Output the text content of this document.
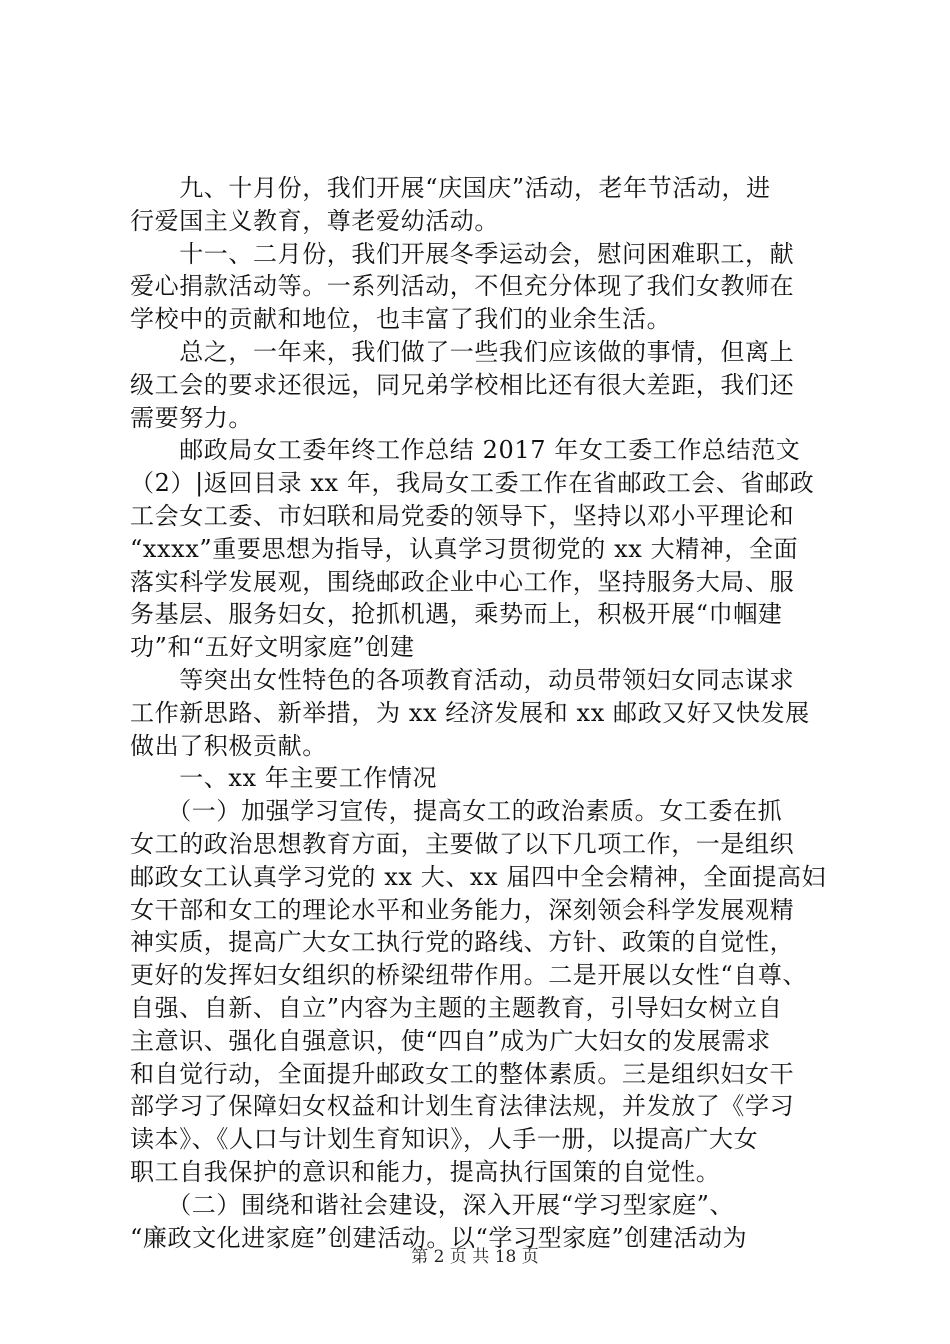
　　九、十月份，我们开展“庆国庆”活动，老年节活动，进
行爱国主义教育，尊老爱幼活动。
　　十一、二月份，我们开展冬季运动会，慰问困难职工，献
爱心捐款活动等。一系列活动，不但充分体现了我们女教师在
学校中的贡献和地位，也丰富了我们的业余生活。
　　总之，一年来，我们做了一些我们应该做的事情，但离上
级工会的要求还很远，同兄弟学校相比还有很大差距，我们还
需要努力。
　　邮政局女工委年终工作总结 2017 年女工委工作总结范文
（2）|返回目录 xx 年，我局女工委工作在省邮政工会、省邮政
工会女工委、市妇联和局党委的领导下，坚持以邓小平理论和
“xxxx”重要思想为指导，认真学习贯彻党的 xx 大精神，全面
落实科学发展观，围绕邮政企业中心工作，坚持服务大局、服
务基层、服务妇女，抢抓机遇，乘势而上，积极开展“巾帼建
功”和“五好文明家庭”创建
　　等突出女性特色的各项教育活动，动员带领妇女同志谋求
工作新思路、新举措，为 xx 经济发展和 xx 邮政又好又快发展
做出了积极贡献。
　　一、xx 年主要工作情况
　　（一）加强学习宣传，提高女工的政治素质。女工委在抓
女工的政治思想教育方面，主要做了以下几项工作，一是组织
邮政女工认真学习党的 xx 大、xx 届四中全会精神，全面提高妇
女干部和女工的理论水平和业务能力，深刻领会科学发展观精
神实质，提高广大女工执行党的路线、方针、政策的自觉性，
更好的发挥妇女组织的桥梁纽带作用。二是开展以女性“自尊、
自强、自新、自立”内容为主题的主题教育，引导妇女树立自
主意识、强化自强意识，使“四自”成为广大妇女的发展需求
和自觉行动，全面提升邮政女工的整体素质。三是组织妇女干
部学习了保障妇女权益和计划生育法律法规，并发放了《学习
读本》、《人口与计划生育知识》，人手一册，以提高广大女
职工自我保护的意识和能力，提高执行国策的自觉性。
　　（二）围绕和谐社会建设，深入开展“学习型家庭”、
“廉政文化进家庭”创建活动。以“学习型家庭”创建活动为
第 2 页 共 18 页
